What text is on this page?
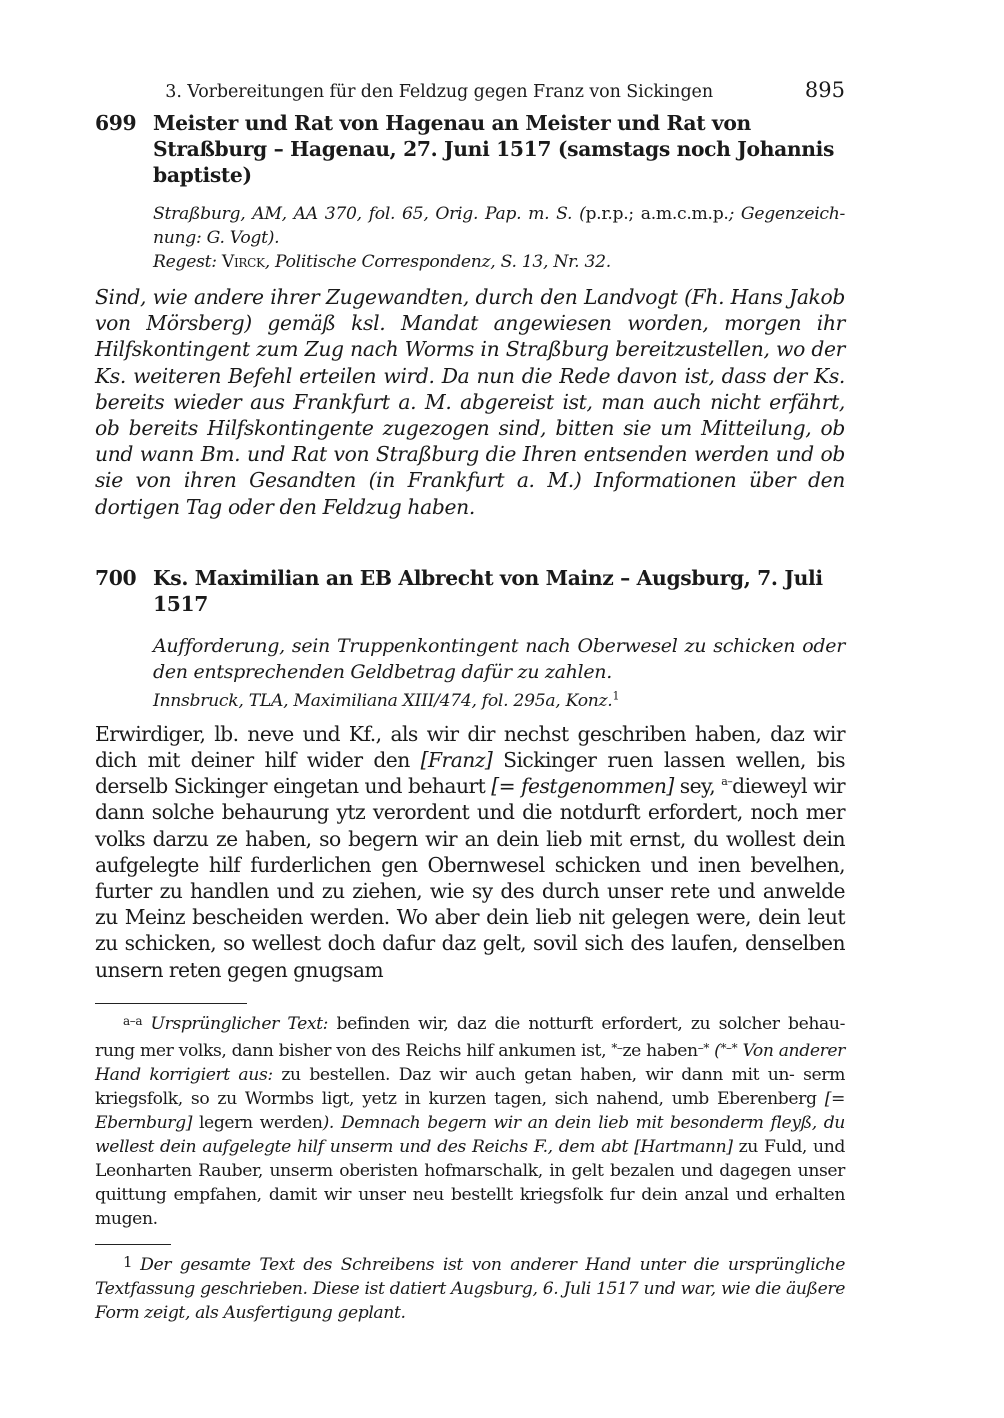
3. Vorbereitungen für den Feldzug gegen Franz von Sickingen	895
699 Meister und Rat von Hagenau an Meister und Rat von Straßburg – Hagenau, 27. Juni 1517 (samstags noch Johannis baptiste)
Straßburg, AM, AA 370, fol. 65, Orig. Pap. m. S. (p.r.p.; a.m.c.m.p.; Gegenzeich- nung: G. Vogt).
Regest: Virck, Politische Correspondenz, S. 13, Nr. 32.
Sind, wie andere ihrer Zugewandten, durch den Landvogt (Fh. Hans Jakob von Mörsberg) gemäß ksl. Mandat angewiesen worden, morgen ihr Hilfskontingent zum Zug nach Worms in Straßburg bereitzustellen, wo der Ks. weiteren Befehl erteilen wird. Da nun die Rede davon ist, dass der Ks. bereits wieder aus Frankfurt a. M. abgereist ist, man auch nicht erfährt, ob bereits Hilfskontingente zugezogen sind, bitten sie um Mitteilung, ob und wann Bm. und Rat von Straßburg die Ihren entsenden werden und ob sie von ihren Gesandten (in Frankfurt a. M.) Informationen über den dortigen Tag oder den Feldzug haben.
700 Ks. Maximilian an EB Albrecht von Mainz – Augsburg, 7. Juli 1517
Aufforderung, sein Truppenkontingent nach Oberwesel zu schicken oder den entsprechenden Geldbetrag dafür zu zahlen.
Innsbruck, TLA, Maximiliana XIII/474, fol. 295a, Konz.$^1$
Erwirdiger, lb. neve und Kf., als wir dir nechst geschriben haben, daz wir dich mit deiner hilf wider den [Franz] Sickinger ruen lassen wellen, bis derselb Sickinger eingetan und behaurt [= festgenommen] sey, $^{a-}$dieweyl wir dann solche behaurung ytz verordent und die notdurft erfordert, noch mer volks darzu ze haben, so begern wir an dein lieb mit ernst, du wollest dein aufgelegte hilf furderlichen gen Obernwesel schicken und inen bevelhen, furter zu handlen und zu ziehen, wie sy des durch unser rete und anwelde zu Meinz bescheiden werden. Wo aber dein lieb nit gelegen were, dein leut zu schicken, so wellest doch dafur daz gelt, sovil sich des laufen, denselben unsern reten gegen gnugsam
$^{a-a}$ Ursprünglicher Text: befinden wir, daz die notturft erfordert, zu solcher behau- rung mer volks, dann bisher von des Reichs hilf ankumen ist, *–ze haben–* (*–* Von anderer Hand korrigiert aus: zu bestellen. Daz wir auch getan haben, wir dann mit un- serm kriegsfolk, so zu Wormbs ligt, yetz in kurzen tagen, sich nahend, umb Eberenberg [= Ebernburg] legern werden). Demnach begern wir an dein lieb mit besonderm fleyß, du wellest dein aufgelegte hilf unserm und des Reichs F., dem abt [Hartmann] zu Fuld, und Leonharten Rauber, unserm oberisten hofmarschalk, in gelt bezalen und dagegen unser quittung empfahen, damit wir unser neu bestellt kriegsfolk fur dein anzal und erhalten mugen.
1 Der gesamte Text des Schreibens ist von anderer Hand unter die ursprüngliche Textfassung geschrieben. Diese ist datiert Augsburg, 6. Juli 1517 und war, wie die äußere Form zeigt, als Ausfertigung geplant.
